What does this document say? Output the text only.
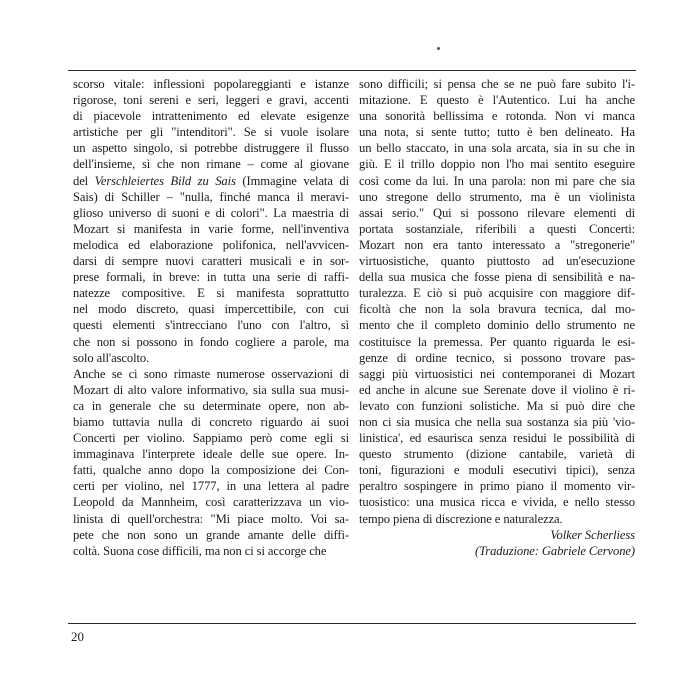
scorso vitale: inflessioni popolareggianti e istanze
rigorose, toni sereni e seri, leggeri e gravi, accenti
di piacevole intrattenimento ed elevate esigenze
artistiche per gli "intenditori". Se si vuole isolare
un aspetto singolo, si potrebbe distruggere il flusso
dell'insieme, sì che non rimane – come al giovane
del Verschleiertes Bild zu Sais (Immagine velata di
Sais) di Schiller – "nulla, finché manca il meravi-
glioso universo di suoni e di colori". La maestria di
Mozart si manifesta in varie forme, nell'inventiva
melodica ed elaborazione polifonica, nell'avvicen-
darsi di sempre nuovi caratteri musicali e in sor-
prese formali, in breve: in tutta una serie di raffi-
natezze compositive. E si manifesta soprattutto
nel modo discreto, quasi impercettibile, con cui
questi elementi s'intrecciano l'uno con l'altro, sì
che non si possono in fondo cogliere a parole, ma
solo all'ascolto.
Anche se ci sono rimaste numerose osservazioni di
Mozart di alto valore informativo, sia sulla sua musi-
ca in generale che su determinate opere, non ab-
biamo tuttavia nulla di concreto riguardo ai suoi
Concerti per violino. Sappiamo però come egli si
immaginava l'interprete ideale delle sue opere. In-
fatti, qualche anno dopo la composizione dei Con-
certi per violino, nel 1777, in una lettera al padre
Leopold da Mannheim, così caratterizzava un vio-
linista di quell'orchestra: "Mi piace molto. Voi sa-
pete che non sono un grande amante delle diffi-
coltà. Suona cose difficili, ma non ci si accorge che
sono difficili; si pensa che se ne può fare subito l'i-
mitazione. E questo è l'Autentico. Lui ha anche
una sonorità bellissima e rotonda. Non vi manca
una nota, si sente tutto; tutto è ben delineato. Ha
un bello staccato, in una sola arcata, sia in su che in
giù. E il trillo doppio non l'ho mai sentito eseguire
così come da lui. In una parola: non mi pare che sia
uno stregone dello strumento, ma è un violinista
assai serio." Qui si possono rilevare elementi di
portata sostanziale, riferibili a questi Concerti:
Mozart non era tanto interessato a "stregonerie"
virtuosistiche, quanto piuttosto ad un'esecuzione
della sua musica che fosse piena di sensibilità e na-
turalezza. E ciò si può acquisire con maggiore dif-
ficoltà che non la sola bravura tecnica, dal mo-
mento che il completo dominio dello strumento ne
costituisce la premessa. Per quanto riguarda le esi-
genze di ordine tecnico, si possono trovare pas-
saggi più virtuosistici nei contemporanei di Mozart
ed anche in alcune sue Serenate dove il violino è ri-
levato con funzioni solistiche. Ma si può dire che
non ci sia musica che nella sua sostanza sia più 'vio-
linistica', ed esaurisca senza residui le possibilità di
questo strumento (dizione cantabile, varietà di
toni, figurazioni e moduli esecutivi tipici), senza
peraltro sospingere in primo piano il momento vir-
tuosistico: una musica ricca e vivida, e nello stesso
tempo piena di discrezione e naturalezza.
Volker Scherliess
(Traduzione: Gabriele Cervone)
20
